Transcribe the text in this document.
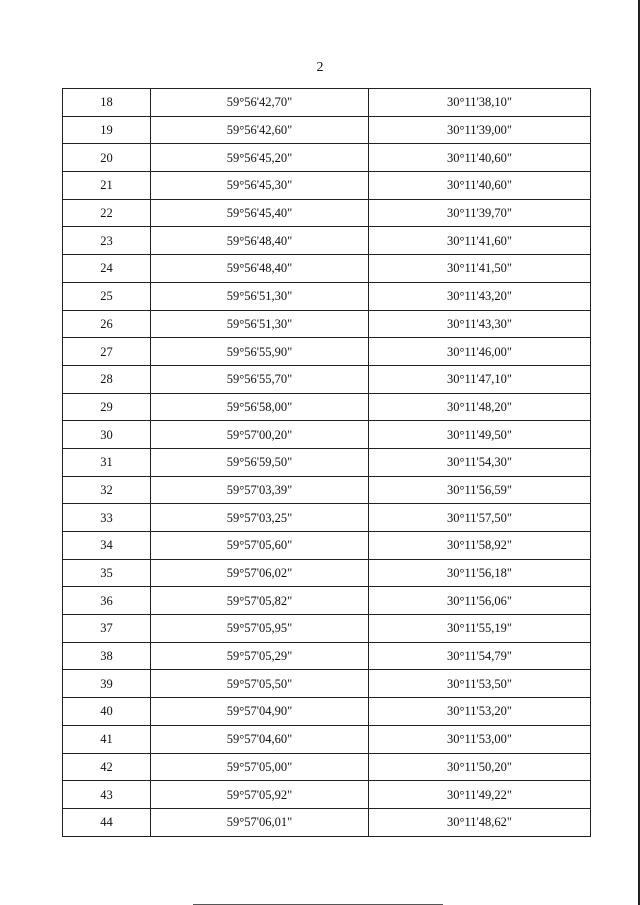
2
18	59°56'42,70"	30°11'38,10"
19	59°56'42,60"	30°11'39,00"
20	59°56'45,20"	30°11'40,60"
21	59°56'45,30"	30°11'40,60"
22	59°56'45,40"	30°11'39,70"
23	59°56'48,40"	30°11'41,60"
24	59°56'48,40"	30°11'41,50"
25	59°56'51,30"	30°11'43,20"
26	59°56'51,30"	30°11'43,30"
27	59°56'55,90"	30°11'46,00"
28	59°56'55,70"	30°11'47,10"
29	59°56'58,00"	30°11'48,20"
30	59°57'00,20"	30°11'49,50"
31	59°56'59,50"	30°11'54,30"
32	59°57'03,39"	30°11'56,59"
33	59°57'03,25"	30°11'57,50"
34	59°57'05,60"	30°11'58,92"
35	59°57'06,02"	30°11'56,18"
36	59°57'05,82"	30°11'56,06"
37	59°57'05,95"	30°11'55,19"
38	59°57'05,29"	30°11'54,79"
39	59°57'05,50"	30°11'53,50"
40	59°57'04,90"	30°11'53,20"
41	59°57'04,60"	30°11'53,00"
42	59°57'05,00"	30°11'50,20"
43	59°57'05,92"	30°11'49,22"
44	59°57'06,01"	30°11'48,62"
